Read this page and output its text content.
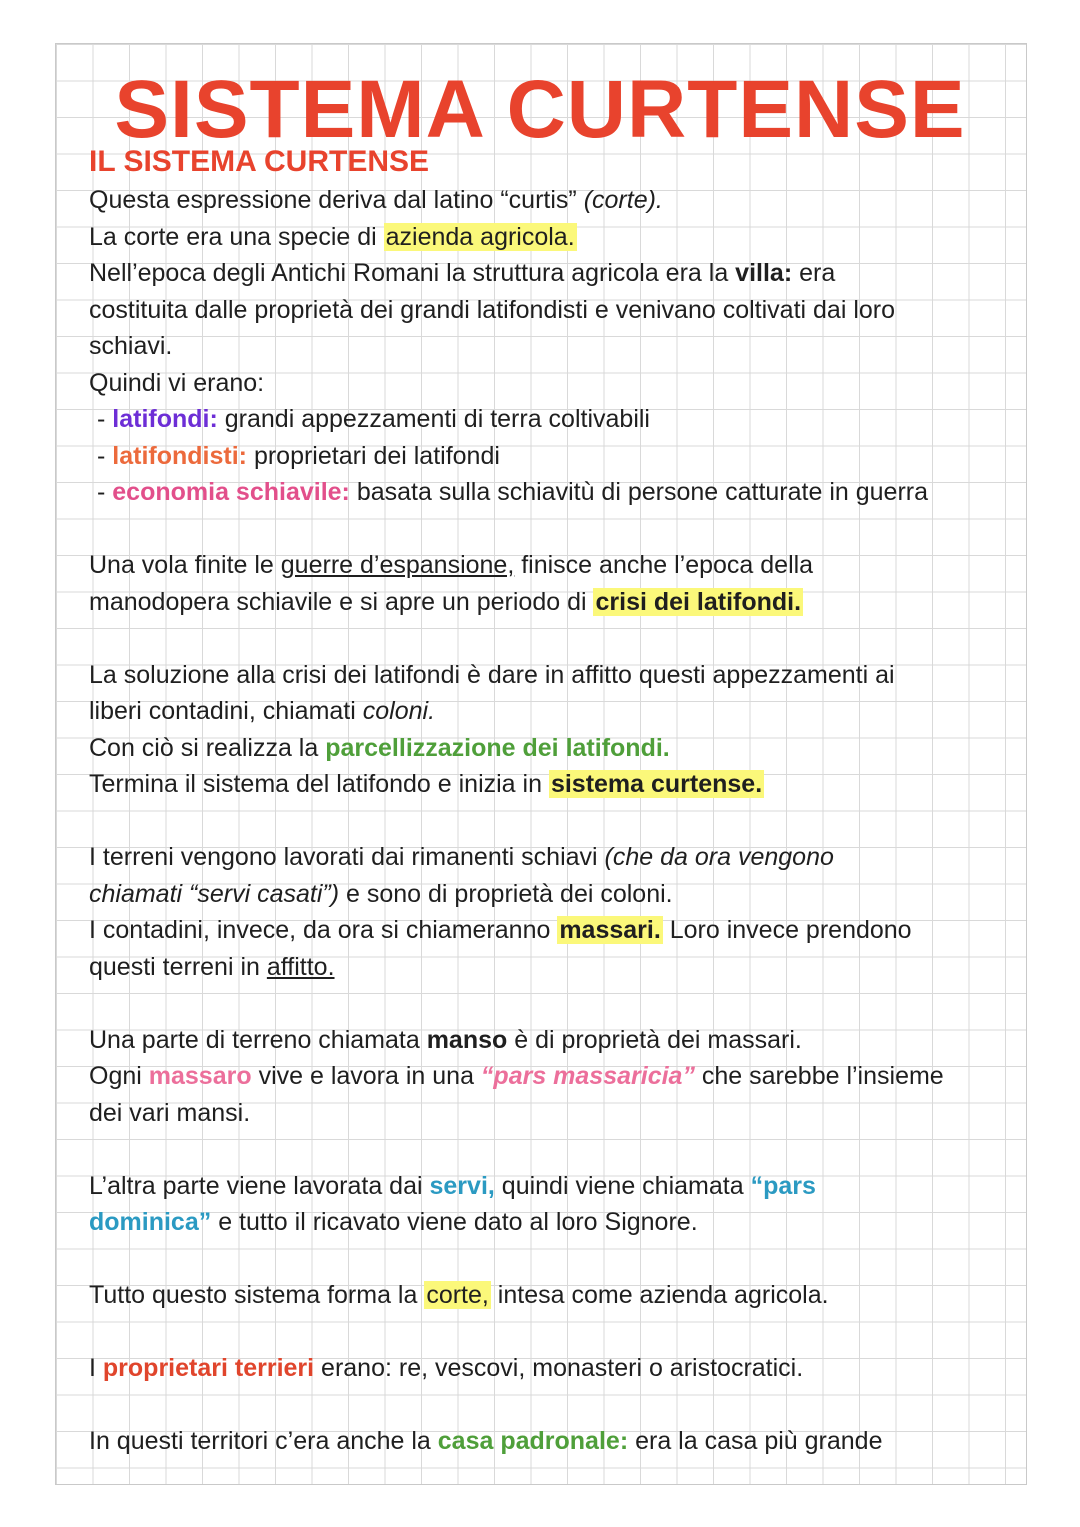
SISTEMA CURTENSE

IL SISTEMA CURTENSE

Questa espressione deriva dal latino “curtis” (corte).

La corte era una specie di azienda agricola.

Nell’epoca degli Antichi Romani la struttura agricola era la villa: era

costituita dalle proprietà dei grandi latifondisti e venivano coltivati dai loro

schiavi.

Quindi vi erano:

- latifondi: grandi appezzamenti di terra coltivabili

- latifondisti: proprietari dei latifondi

- economia schiavile: basata sulla schiavitù di persone catturate in guerra

Una vola finite le guerre d’espansione, finisce anche l’epoca della

manodopera schiavile e si apre un periodo di crisi dei latifondi.

La soluzione alla crisi dei latifondi è dare in affitto questi appezzamenti ai

liberi contadini, chiamati coloni.

Con ciò si realizza la parcellizzazione dei latifondi.

Termina il sistema del latifondo e inizia in sistema curtense.

I terreni vengono lavorati dai rimanenti schiavi (che da ora vengono

chiamati “servi casati”) e sono di proprietà dei coloni.

I contadini, invece, da ora si chiameranno massari. Loro invece prendono

questi terreni in affitto.

Una parte di terreno chiamata manso è di proprietà dei massari.

Ogni massaro vive e lavora in una “pars massaricia” che sarebbe l’insieme

dei vari mansi.

L’altra parte viene lavorata dai servi, quindi viene chiamata “pars

dominica” e tutto il ricavato viene dato al loro Signore.

Tutto questo sistema forma la corte, intesa come azienda agricola.

I proprietari terrieri erano: re, vescovi, monasteri o aristocratici.

In questi territori c’era anche la casa padronale: era la casa più grande
